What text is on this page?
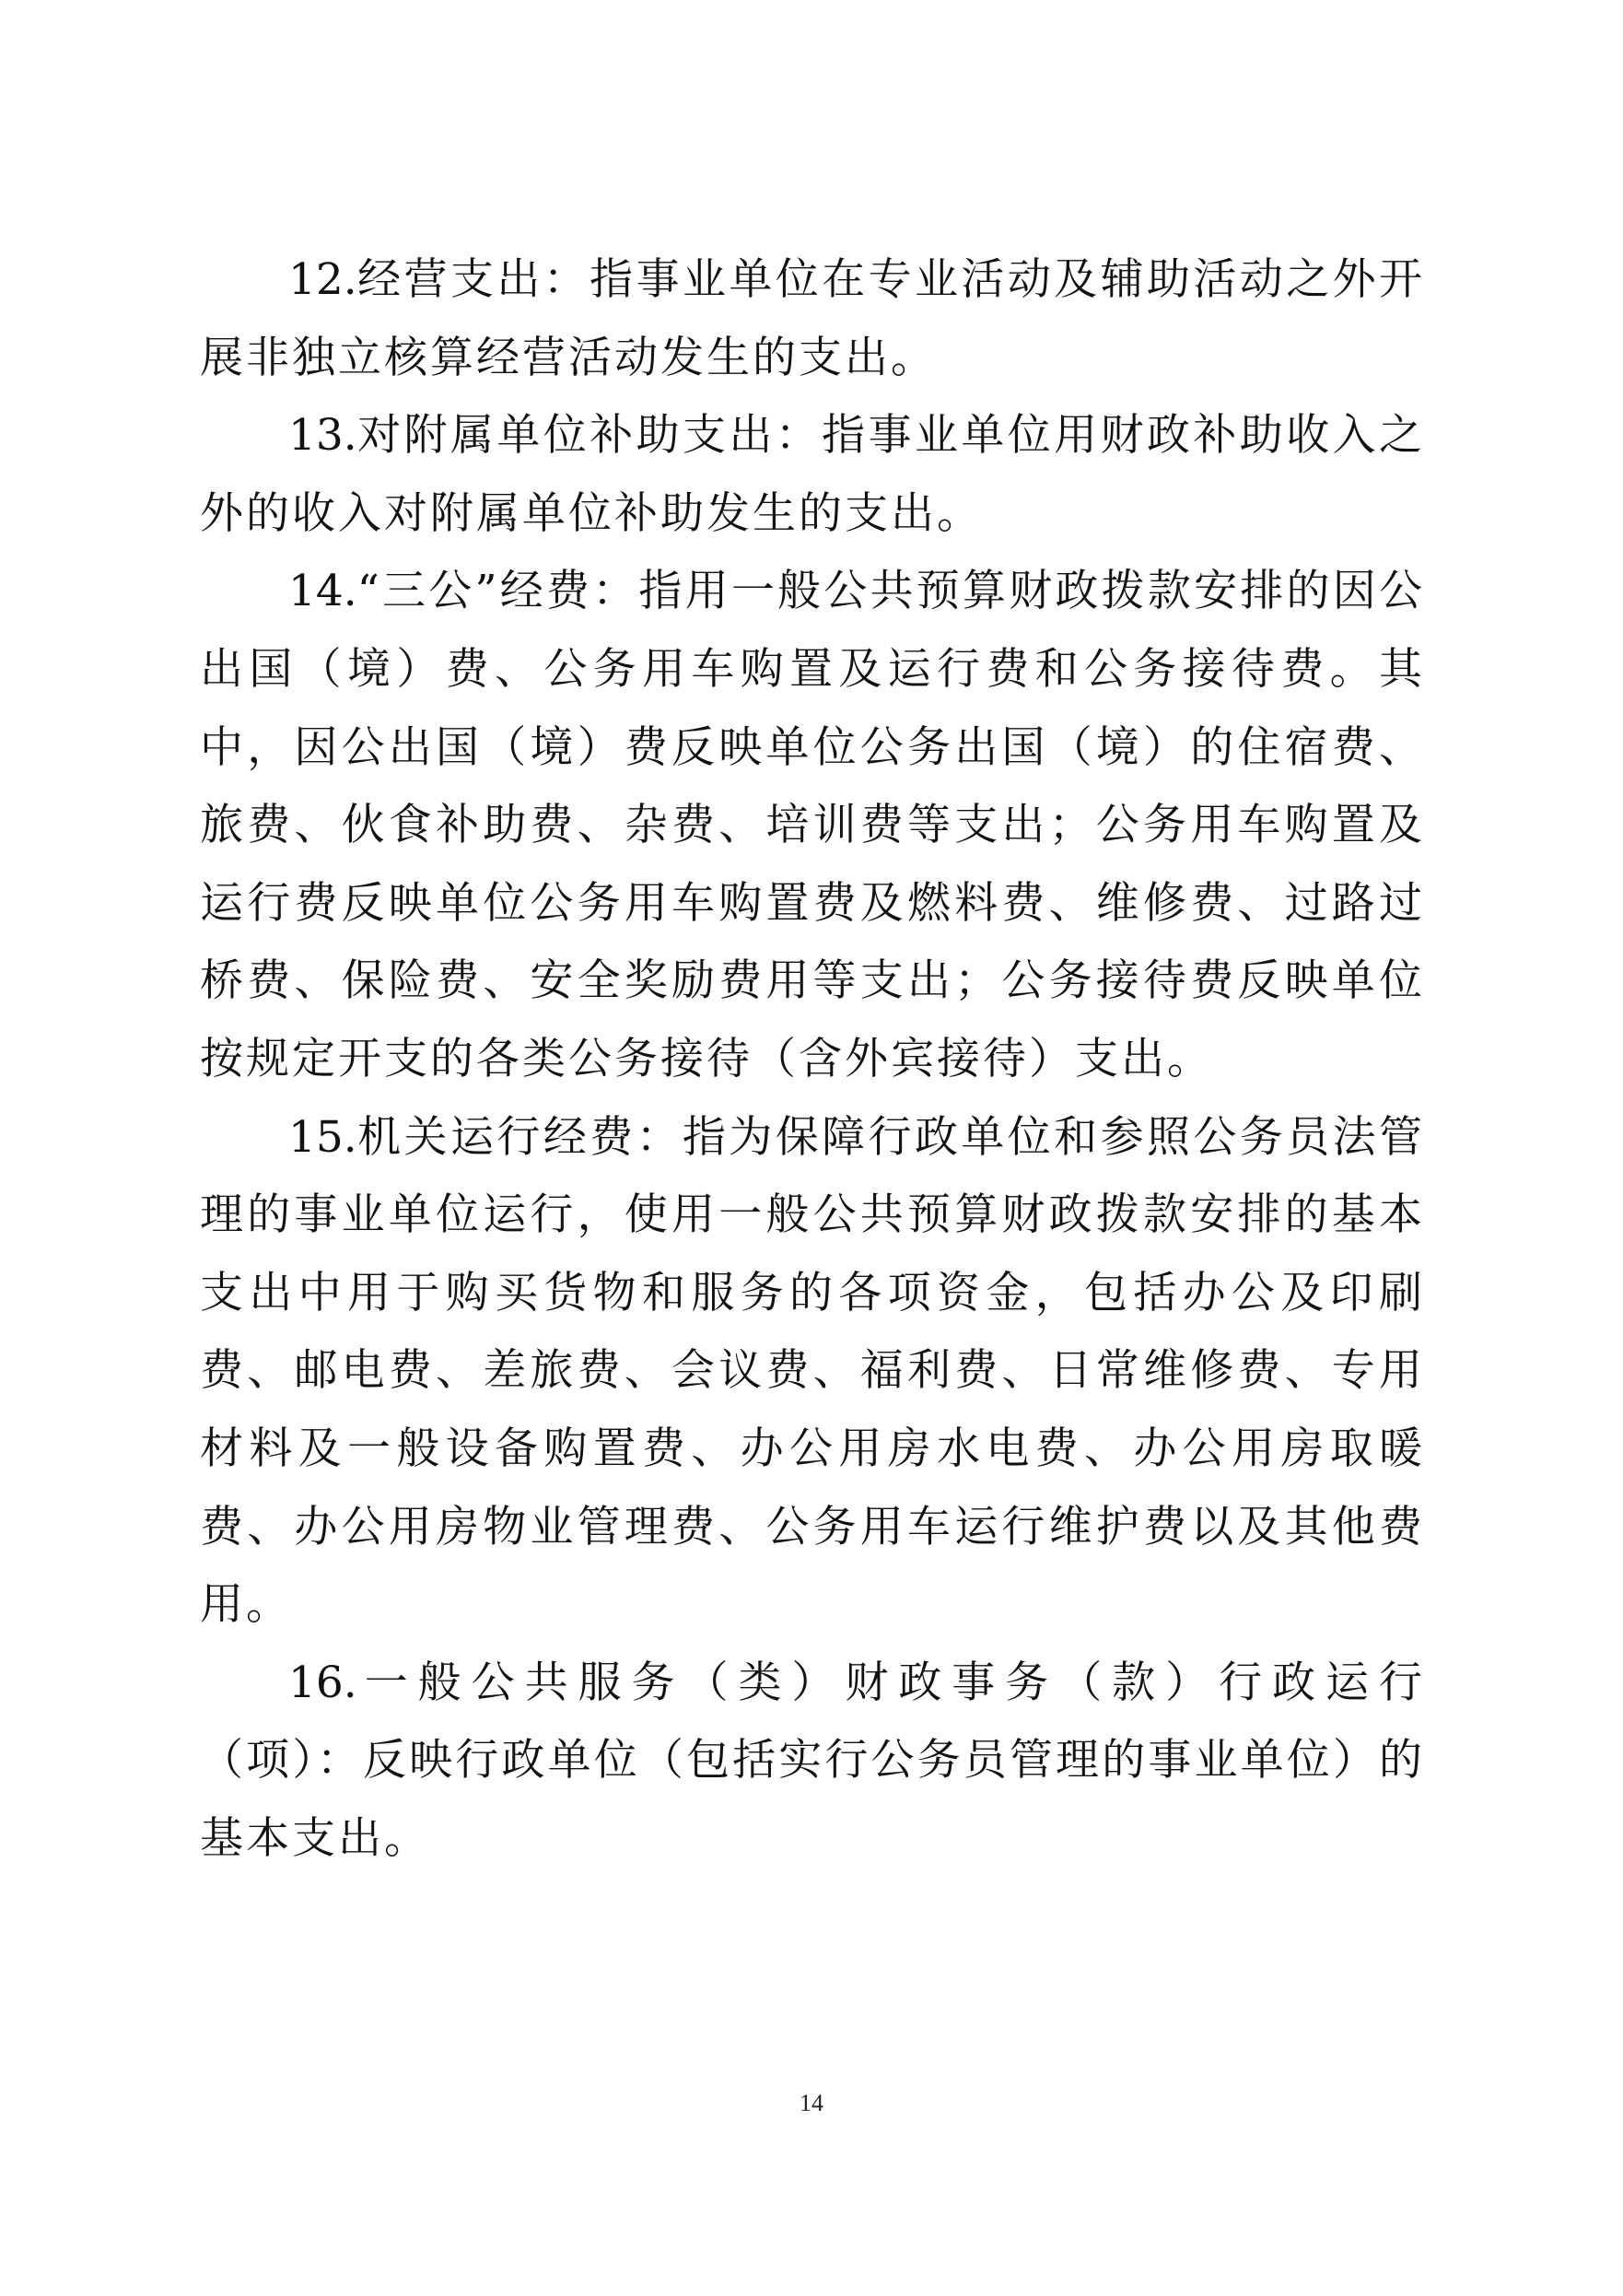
12.经营支出：指事业单位在专业活动及辅助活动之外开展非独立核算经营活动发生的支出。

13.对附属单位补助支出：指事业单位用财政补助收入之外的收入对附属单位补助发生的支出。

14.“三公”经费：指用一般公共预算财政拨款安排的因公出国（境）费、公务用车购置及运行费和公务接待费。其中，因公出国（境）费反映单位公务出国（境）的住宿费、旅费、伙食补助费、杂费、培训费等支出；公务用车购置及运行费反映单位公务用车购置费及燃料费、维修费、过路过桥费、保险费、安全奖励费用等支出；公务接待费反映单位按规定开支的各类公务接待（含外宾接待）支出。

15.机关运行经费：指为保障行政单位和参照公务员法管理的事业单位运行，使用一般公共预算财政拨款安排的基本支出中用于购买货物和服务的各项资金，包括办公及印刷费、邮电费、差旅费、会议费、福利费、日常维修费、专用材料及一般设备购置费、办公用房水电费、办公用房取暖费、办公用房物业管理费、公务用车运行维护费以及其他费用。

16.一般公共服务（类）财政事务（款）行政运行（项）：反映行政单位（包括实行公务员管理的事业单位）的基本支出。

14
